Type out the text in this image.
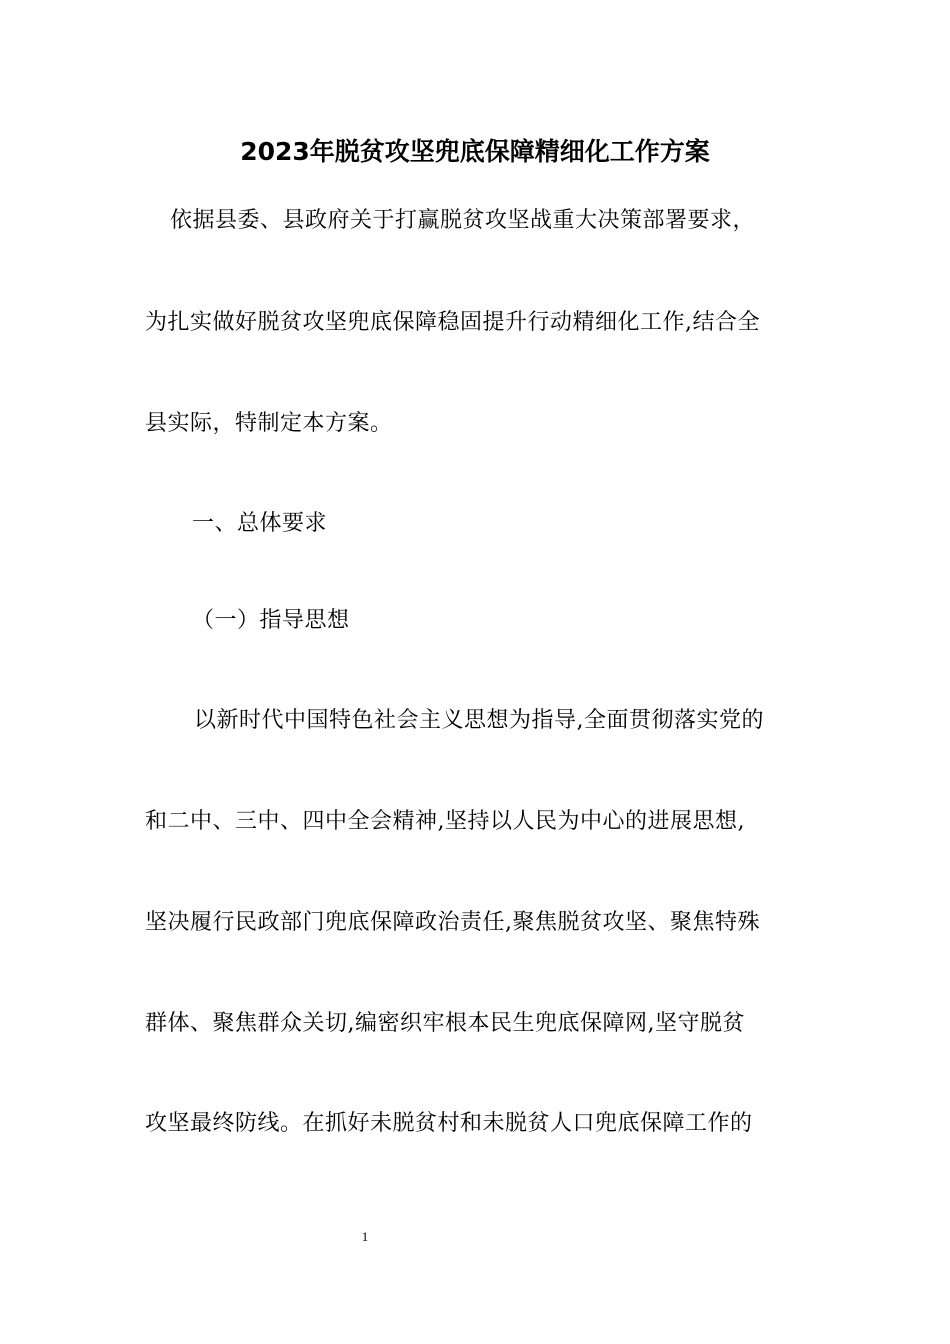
2023年脱贫攻坚兜底保障精细化工作方案
依据县委、县政府关于打赢脱贫攻坚战重大决策部署要求，
为扎实做好脱贫攻坚兜底保障稳固提升行动精细化工作,结合全
县实际，特制定本方案。
一、总体要求
（一）指导思想
以新时代中国特色社会主义思想为指导,全面贯彻落实党的
和二中、三中、四中全会精神,坚持以人民为中心的进展思想,
坚决履行民政部门兜底保障政治责任,聚焦脱贫攻坚、聚焦特殊
群体、聚焦群众关切,编密织牢根本民生兜底保障网,坚守脱贫
攻坚最终防线。在抓好未脱贫村和未脱贫人口兜底保障工作的
1
